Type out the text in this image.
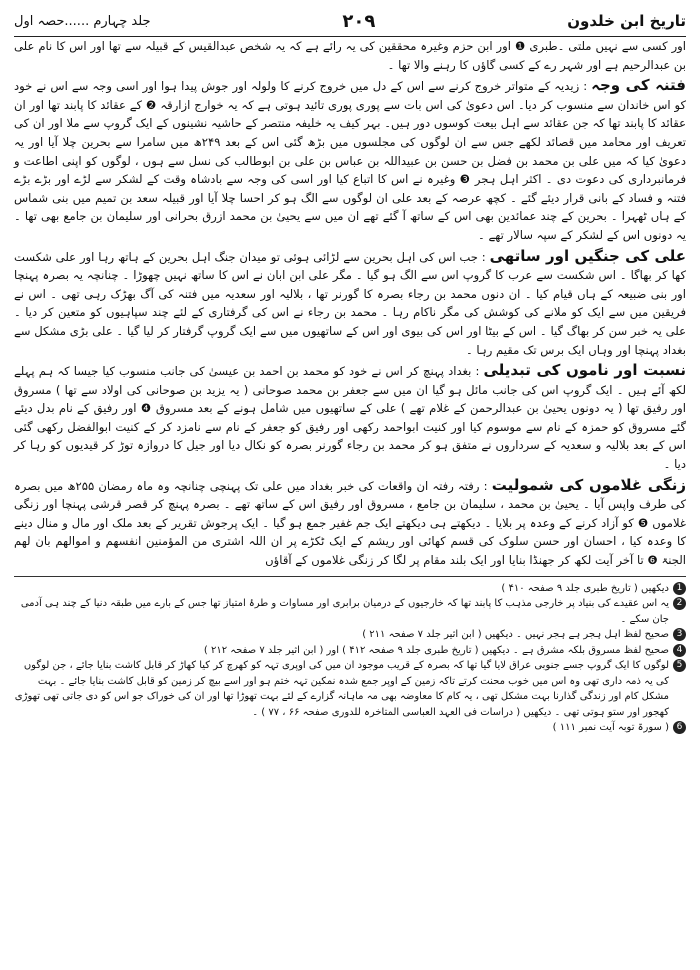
تاریخ ابن خلدون
۲۰۹
جلد چہارم ......حصہ اول

اور کسی سے نہیں ملتی ۔طبری ❶ اور ابن حزم وغیرہ محققین کی یہ رائے ہے کہ یہ شخص عبدالقیس کے قبیلہ سے تھا اور اس کا نام علی بن عبدالرحیم ہے اور شہر رے کے کسی گاؤں کا رہنے والا تھا ۔

فتنہ کی وجہ : زیدیہ کے متواتر خروج کرنے سے اس کے دل میں خروج کرنے کا ولولہ اور جوش پیدا ہوا اور اسی وجہ سے اس نے خود کو اس خاندان سے منسوب کر دیا۔ اس دعویٰ کی اس بات سے پوری پوری تائید ہوتی ہے کہ یہ خوارج ازارقہ ❷ کے عقائد کا پابند تھا اور ان عقائد کا پابند تھا کہ جن عقائد سے اہل بیعت کوسوں دور ہیں۔ بہر کیف یہ خلیفہ منتصر کے حاشیہ نشینوں کے ایک گروپ سے ملا اور ان کی تعریف اور محامد میں قصائد لکھے جس سے ان لوگوں کی مجلسوں میں بڑھ گئی اس کے بعد ۲۴۹ھ میں سامرا سے بحرین چلا آیا اور یہ دعویٰ کیا کہ میں علی بن محمد بن فضل بن حسن بن عبیداللہ بن عباس بن علی بن ابوطالب کی نسل سے ہوں ، لوگوں کو اپنی اطاعت و فرمانبرداری کی دعوت دی ۔ اکثر اہل ہجر ❸ وغیرہ نے اس کا اتباع کیا اور اسی کی وجہ سے بادشاہ وقت کے لشکر سے لڑے اور بڑے بڑے فتنہ و فساد کے بانی قرار دیئے گئے ۔ کچھ عرصہ کے بعد علی ان لوگوں سے الگ ہو کر احسا چلا آیا اور قبیلہ سعد بن تمیم میں بنی شماس کے ہاں ٹھہرا ۔ بحرین کے چند عمائدین بھی اس کے ساتھ آ گئے تھے ان میں سے یحییٰ بن محمد ازرق بحرانی اور سلیمان بن جامع بھی تھا ۔ یہ دونوں اس کے لشکر کے سپہ سالار تھے ۔

علی کی جنگیں اور ساتھی : جب اس کی اہل بحرین سے لڑائی ہوئی تو میدان جنگ اہل بحرین کے ہاتھ رہا اور علی شکست کھا کر بھاگا ۔ اس شکست سے عرب کا گروپ اس سے الگ ہو گیا ۔ مگر علی ابن ابان نے اس کا ساتھ نہیں چھوڑا ۔ چنانچہ یہ بصرہ پہنچا اور بنی ضبیعہ کے ہاں قیام کیا ۔ ان دنوں محمد بن رجاء بصرہ کا گورنر تھا ، بلالیہ اور سعدیہ میں فتنہ کی آگ بھڑک رہی تھی ۔ اس نے فریقین میں سے ایک کو ملانے کی کوشش کی مگر ناکام رہا ۔ محمد بن رجاء نے اس کی گرفتاری کے لئے چند سپاہیوں کو متعین کر دیا ۔ علی یہ خبر سن کر بھاگ گیا ۔ اس کے بیٹا اور اس کی بیوی اور اس کے ساتھیوں میں سے ایک گروپ گرفتار کر لیا گیا ۔ علی بڑی مشکل سے بغداد پہنچا اور وہاں ایک برس تک مقیم رہا ۔

نسبت اور ناموں کی تبدیلی : بغداد پہنچ کر اس نے خود کو محمد بن احمد بن عیسیٰ کی جانب منسوب کیا جیسا کہ ہم پہلے لکھ آئے ہیں ۔ ایک گروپ اس کی جانب مائل ہو گیا ان میں سے جعفر بن محمد صوحانی ( یہ یزید بن صوحانی کی اولاد سے تھا ) مسروق اور رفیق تھا ( یہ دونوں یحییٰ بن عبدالرحمن کے غلام تھے ) علی کے ساتھیوں میں شامل ہونے کے بعد مسروق ❹ اور رفیق کے نام بدل دیئے گئے مسروق کو حمزہ کے نام سے موسوم کیا اور کنیت ابواحمد رکھی اور رفیق کو جعفر کے نام سے نامزد کر کے کنیت ابوالفضل رکھی گئی اس کے بعد بلالیہ و سعدیہ کے سرداروں نے متفق ہو کر محمد بن رجاء گورنر بصرہ کو نکال دیا اور جیل کا دروازہ توڑ کر قیدیوں کو رہا کر دیا ۔

زنگی غلاموں کی شمولیت : رفتہ رفتہ ان واقعات کی خبر بغداد میں علی تک پہنچی چنانچہ وہ ماہ رمضان ۲۵۵ھ میں بصرہ کی طرف واپس آیا ۔ یحییٰ بن محمد ، سلیمان بن جامع ، مسروق اور رفیق اس کے ساتھ تھے ۔ بصرہ پہنچ کر قصر قرشی پہنچا اور زنگی غلاموں ❺ کو آزاد کرنے کے وعدہ پر بلایا ۔ دیکھتے ہی دیکھتے ایک جم غفیر جمع ہو گیا ۔ ایک پرجوش تقریر کے بعد ملک اور مال و منال دینے کا وعدہ کیا ، احسان اور حسن سلوک کی قسم کھائی اور ریشم کے ایک ٹکڑے پر ان اللہ اشتری من المؤمنین انفسھم و اموالھم بان لھم الجنۃ ❻ تا آخر آیت لکھ کر جھنڈا بنایا اور ایک بلند مقام پر لگا کر زنگی غلاموں کے آقاؤں

1
دیکھیں ( تاریخ طبری جلد ۹ صفحہ ۴۱۰ )
2
یہ اس عقیدے کی بنیاد پر خارجی مذہب کا پابند تھا کہ خارجیوں کے درمیان برابری اور مساوات و طرۂ امتیاز تھا جس کے بارے میں طبقہ دنیا کے چند ہی آدمی جان سکے ۔
3
صحیح لفظ اہل ہجر ہے ہجر نہیں ۔ دیکھیں ( ابن اثیر جلد ۷ صفحہ ۲۱۱ )
4
صحیح لفظ مسروق بلکہ مشرق ہے ۔ دیکھیں ( تاریخ طبری جلد ۹ صفحہ ۴۱۲ ) اور ( ابن اثیر جلد ۷ صفحہ ۲۱۲ )
5
لوگوں کا ایک گروپ جسے جنوبی عراق لایا گیا تھا کہ بصرہ کے قریب موجود ان میں کی اوپری تہہ کو کھرچ کر کیا کھاڑ کر قابل کاشت بنایا جائے ، جن لوگوں کی یہ ذمہ داری تھی وہ اس میں خوب محنت کرتے تاکہ زمین کے اوپر جمع شدہ نمکین تہہ ختم ہو اور اسے بیچ کر زمین کو قابل کاشت بنایا جائے ۔ بہت مشکل کام اور زندگی گذارنا بہت مشکل تھی ، یہ کام کا معاوضہ بھی مہ ماہانہ گزارے کے لئے بہت تھوڑا تھا اور ان کی خوراک جو اس کو دی جاتی تھی تھوڑی کھجور اور ستو ہوتی تھی ۔ دیکھیں ( دراسات فی العہد العباسی المتاخرہ للدوری صفحہ ۶۶ ، ۷۷ ) ۔
6
( سورۃ توبہ آیت نمبر ۱۱۱ )
